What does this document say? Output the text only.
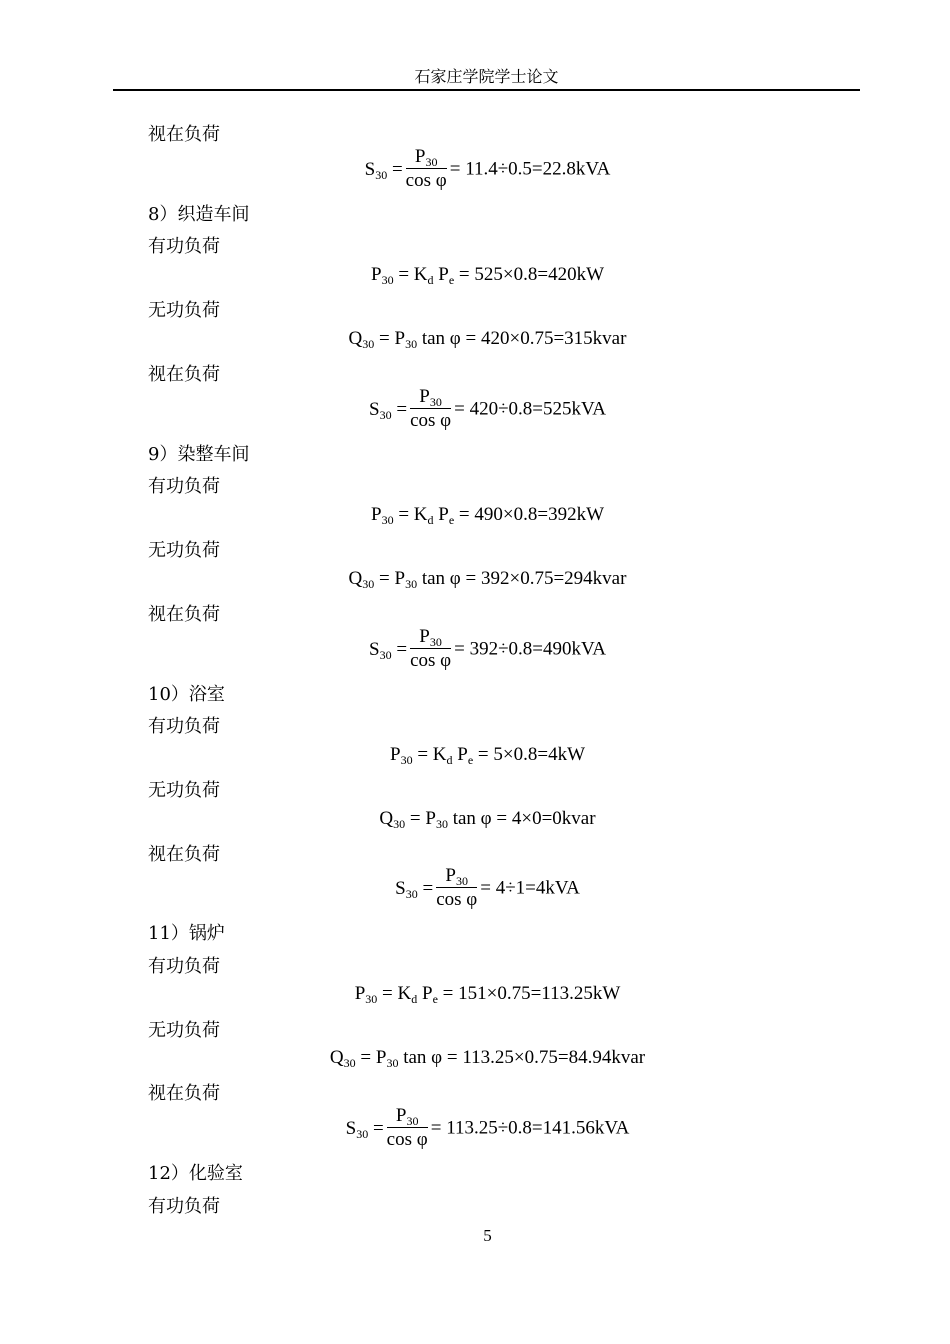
石家庄学院学士论文
视在负荷
$S_{30} = \frac{P_{30}}{\text{cos φ}} = 11.4\div 0.5=22.8kVA$
8）织造车间
有功负荷
$P_{30} = K_d$ $P_e = 525\times 0.8=420kW$
无功负荷
$Q_{30} = P_{30}$ tan φ = 420×0.75=315kvar
视在负荷
$S_{30} = \frac{P_{30}}{\text{cos φ}} = 420\div 0.8=525kVA$
9）染整车间
有功负荷
$P_{30} = K_d$ $P_e = 490\times 0.8=392kW$
无功负荷
$Q_{30} = P_{30}$ tan φ = 392×0.75=294kvar
视在负荷
$S_{30} = \frac{P_{30}}{\text{cos φ}} = 392\div 0.8=490kVA$
10）浴室
有功负荷
$P_{30} = K_d$ $P_e = 5\times 0.8=4kW$
无功负荷
$Q_{30} = P_{30}$ tan φ = 4×0=0kvar
视在负荷
$S_{30} = \frac{P_{30}}{\text{cos φ}} = 4\div 1=4kVA$
11）锅炉
有功负荷
$P_{30} = K_d$ $P_e = 151\times 0.75=113.25kW$
无功负荷
$Q_{30} = P_{30}$ tan φ = 113.25×0.75=84.94kvar
视在负荷
$S_{30} = \frac{P_{30}}{\text{cos φ}} = 113.25\div 0.8=141.56kVA$
12）化验室
有功负荷
5
